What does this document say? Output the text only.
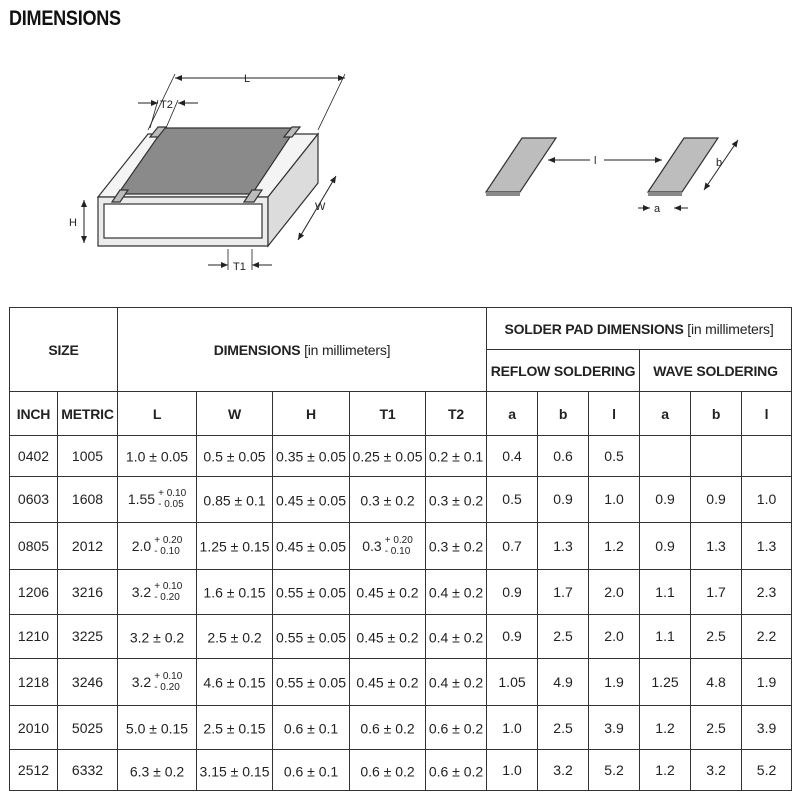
DIMENSIONS
L
T2
H
W
T1
l	b
a
SIZE		DIMENSIONS [in millimeters]					SOLDER PAD DIMENSIONS [in millimeters]					
							REFLOW SOLDERING			WAVE SOLDERING		
INCH	METRIC	L	W	H	T1	T2	a	b	l	a	b	l
0402	1005	1.0 ± 0.05	0.5 ± 0.05	0.35 ± 0.05	0.25 ± 0.05	0.2 ± 0.1	0.4	0.6	0.5			
0603	1608	1.55 + 0.10
- 0.05	0.85 ± 0.1	0.45 ± 0.05	0.3 ± 0.2	0.3 ± 0.2	0.5	0.9	1.0	0.9	0.9	1.0
0805	2012	2.0 + 0.20
- 0.10	1.25 ± 0.15	0.45 ± 0.05	0.3 + 0.20
- 0.10	0.3 ± 0.2	0.7	1.3	1.2	0.9	1.3	1.3
1206	3216	3.2 + 0.10
- 0.20	1.6 ± 0.15	0.55 ± 0.05	0.45 ± 0.2	0.4 ± 0.2	0.9	1.7	2.0	1.1	1.7	2.3
1210	3225	3.2 ± 0.2	2.5 ± 0.2	0.55 ± 0.05	0.45 ± 0.2	0.4 ± 0.2	0.9	2.5	2.0	1.1	2.5	2.2
1218	3246	3.2 + 0.10
- 0.20	4.6 ± 0.15	0.55 ± 0.05	0.45 ± 0.2	0.4 ± 0.2	1.05	4.9	1.9	1.25	4.8	1.9
2010	5025	5.0 ± 0.15	2.5 ± 0.15	0.6 ± 0.1	0.6 ± 0.2	0.6 ± 0.2	1.0	2.5	3.9	1.2	2.5	3.9
2512	6332	6.3 ± 0.2	3.15 ± 0.15	0.6 ± 0.1	0.6 ± 0.2	0.6 ± 0.2	1.0	3.2	5.2	1.2	3.2	5.2
